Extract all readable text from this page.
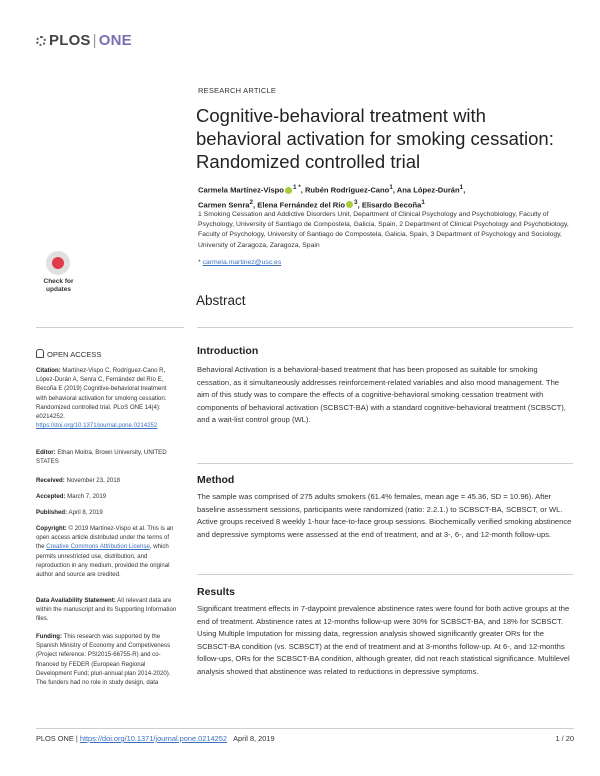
PLOS | ONE
RESEARCH ARTICLE
Cognitive-behavioral treatment with behavioral activation for smoking cessation: Randomized controlled trial
Carmela Martínez-Vispo $^{1 *}$, Rubén Rodríguez-Cano$^1$, Ana López-Durán$^1$,
Carmen Senra$^2$, Elena Fernández del Río $^3$, Elisardo Becoña$^1$
1 Smoking Cessation and Addictive Disorders Unit, Department of Clinical Psychology and Psychobiology, Faculty of Psychology, University of Santiago de Compostela, Galicia, Spain, 2 Department of Clinical Psychology and Psychobiology, Faculty of Psychology, University of Santiago de Compostela, Galicia, Spain, 3 Department of Psychology and Sociology, University of Zaragoza, Zaragoza, Spain
* carmela.martinez@usc.es
Abstract
Introduction

Behavioral Activation is a behavioral-based treatment that has been proposed as suitable for smoking cessation, as it simultaneously addresses reinforcement-related variables and also mood management. The aim of this study was to compare the effects of a cognitive-behavioral smoking cessation treatment with components of behavioral activation (SCBSCT-BA) with a standard cognitive-behavioral treatment (SCBSCT), and a wait-list control group (WL).

Method

The sample was comprised of 275 adults smokers (61.4% females, mean age = 45.36, SD = 10.96). After baseline assessment sessions, participants were randomized (ratio: 2.2.1.) to SCBSCT-BA, SCBSCT, or WL. Active groups received 8 weekly 1-hour face-to-face group sessions. Biochemically verified smoking abstinence and depressive symptoms were assessed at the end of treatment, and at 3-, 6-, and 12-month follow-ups.

Results

Significant treatment effects in 7-daypoint prevalence abstinence rates were found for both active groups at the end of treatment. Abstinence rates at 12-months follow-up were 30% for SCBSCT-BA, and 18% for SCBSCT. Using Multiple Imputation for missing data, regression analysis showed significantly greater ORs for the SCBSCT-BA condition (vs. SCBSCT) at the end of treatment and at 3-months follow-up. At 6-, and 12-months follow-ups, ORs for the SCBSCT-BA condition, although greater, did not reach statistical significance. Multilevel analysis showed that abstinence was related to reductions in depressive symptoms.

Check for
updates
OPEN ACCESS
Citation: Martínez-Vispo C, Rodríguez-Cano R, López-Durán A, Senra C, Fernández del Río E, Becoña E (2019) Cognitive-behavioral treatment with behavioral activation for smoking cessation: Randomized controlled trial. PLoS ONE 14(4): e0214252. https://doi.org/10.1371/journal.pone.0214252
Editor: Ethan Moitra, Brown University, UNITED STATES
Received: November 23, 2018
Accepted: March 7, 2019
Published: April 8, 2019
Copyright: © 2019 Martínez-Vispo et al. This is an open access article distributed under the terms of the Creative Commons Attribution License, which permits unrestricted use, distribution, and reproduction in any medium, provided the original author and source are credited.
Data Availability Statement: All relevant data are within the manuscript and its Supporting Information files.
Funding: This research was supported by the Spanish Ministry of Economy and Competiveness (Project reference: PSI2015-66755-R) and co-financed by FEDER (European Regional Development Fund; pluri-annual plan 2014-2020). The funders had no role in study design, data
PLOS ONE | https://doi.org/10.1371/journal.pone.0214252 April 8, 2019	1 / 20
